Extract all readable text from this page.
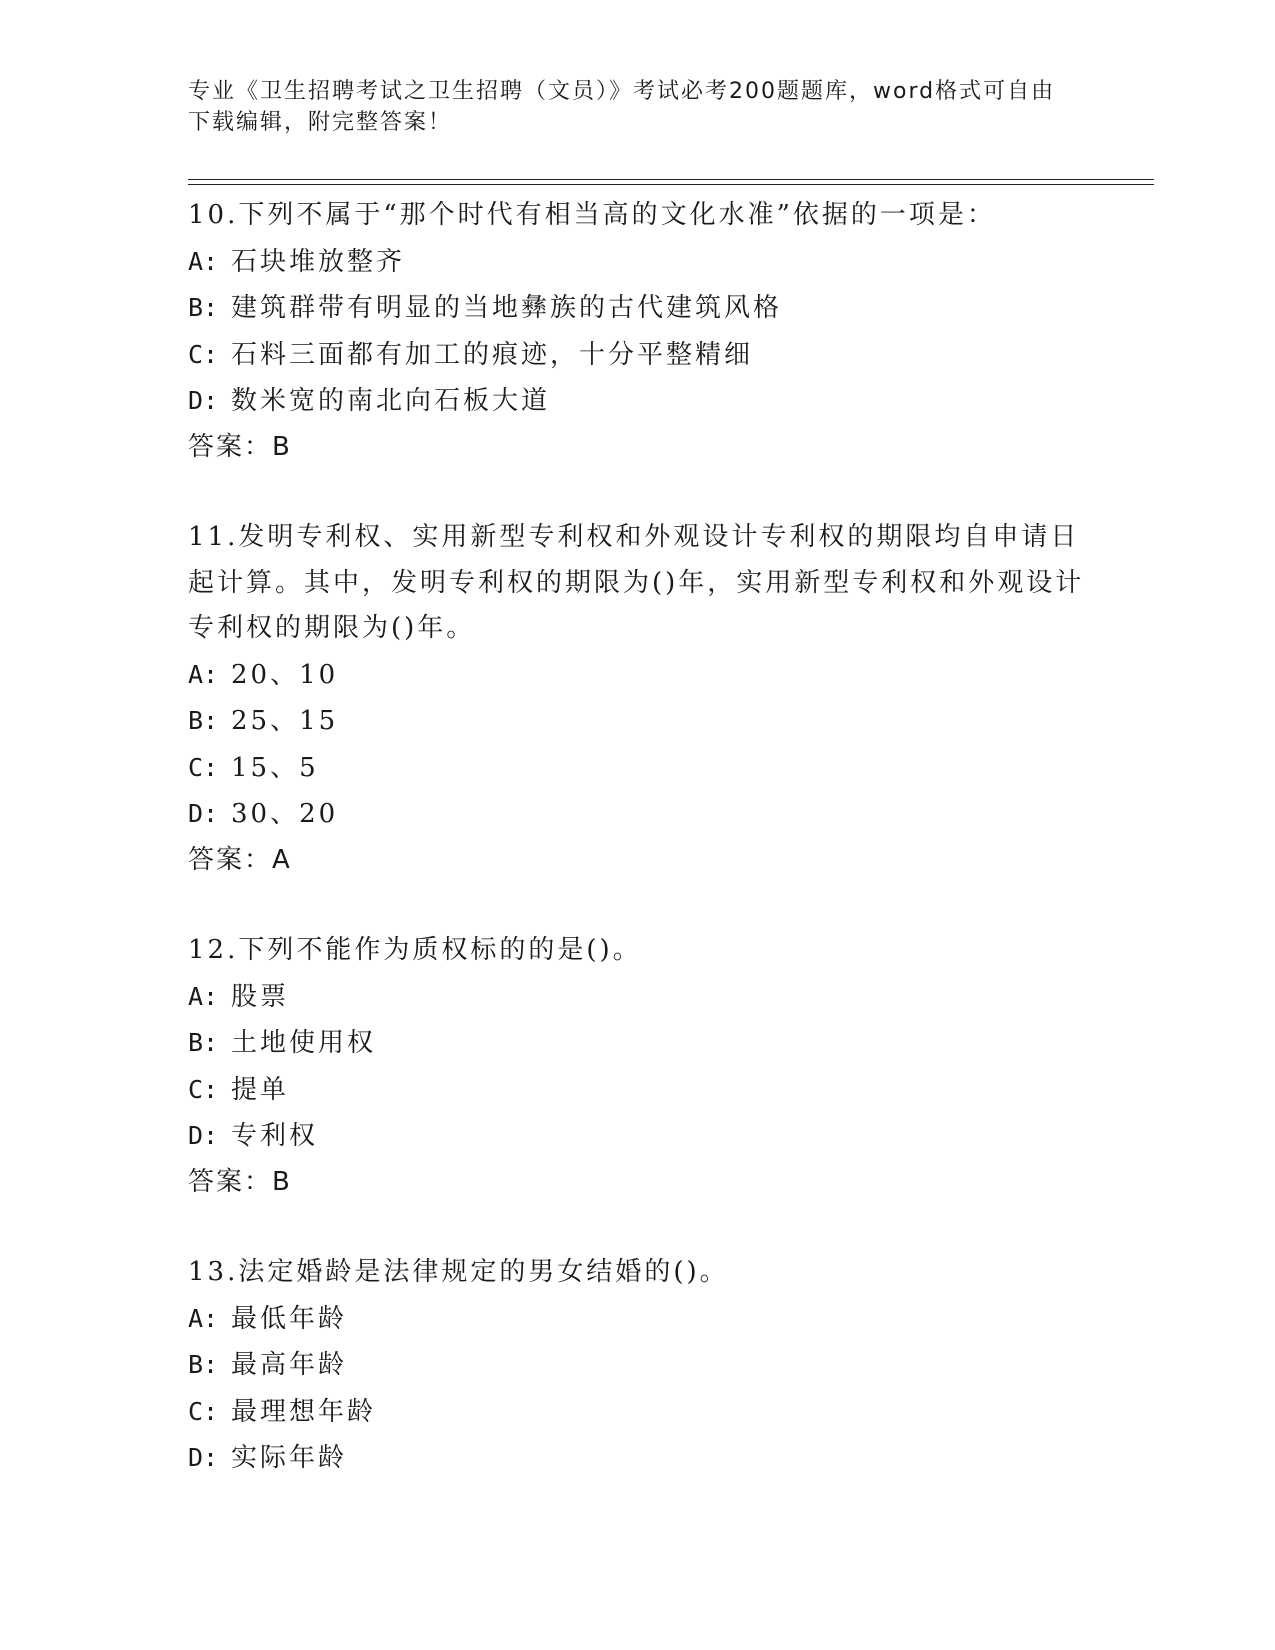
专业《卫生招聘考试之卫生招聘（文员）》考试必考200题题库，word格式可自由下载编辑，附完整答案！
10.下列不属于“那个时代有相当高的文化水准”依据的一项是：
A: 石块堆放整齐
B: 建筑群带有明显的当地彝族的古代建筑风格
C: 石料三面都有加工的痕迹，十分平整精细
D: 数米宽的南北向石板大道
答案：B
11.发明专利权、实用新型专利权和外观设计专利权的期限均自申请日起计算。其中，发明专利权的期限为()年，实用新型专利权和外观设计专利权的期限为()年。
A: 20、10
B: 25、15
C: 15、5
D: 30、20
答案：A
12.下列不能作为质权标的的是()。
A: 股票
B: 土地使用权
C: 提单
D: 专利权
答案：B
13.法定婚龄是法律规定的男女结婚的()。
A: 最低年龄
B: 最高年龄
C: 最理想年龄
D: 实际年龄
